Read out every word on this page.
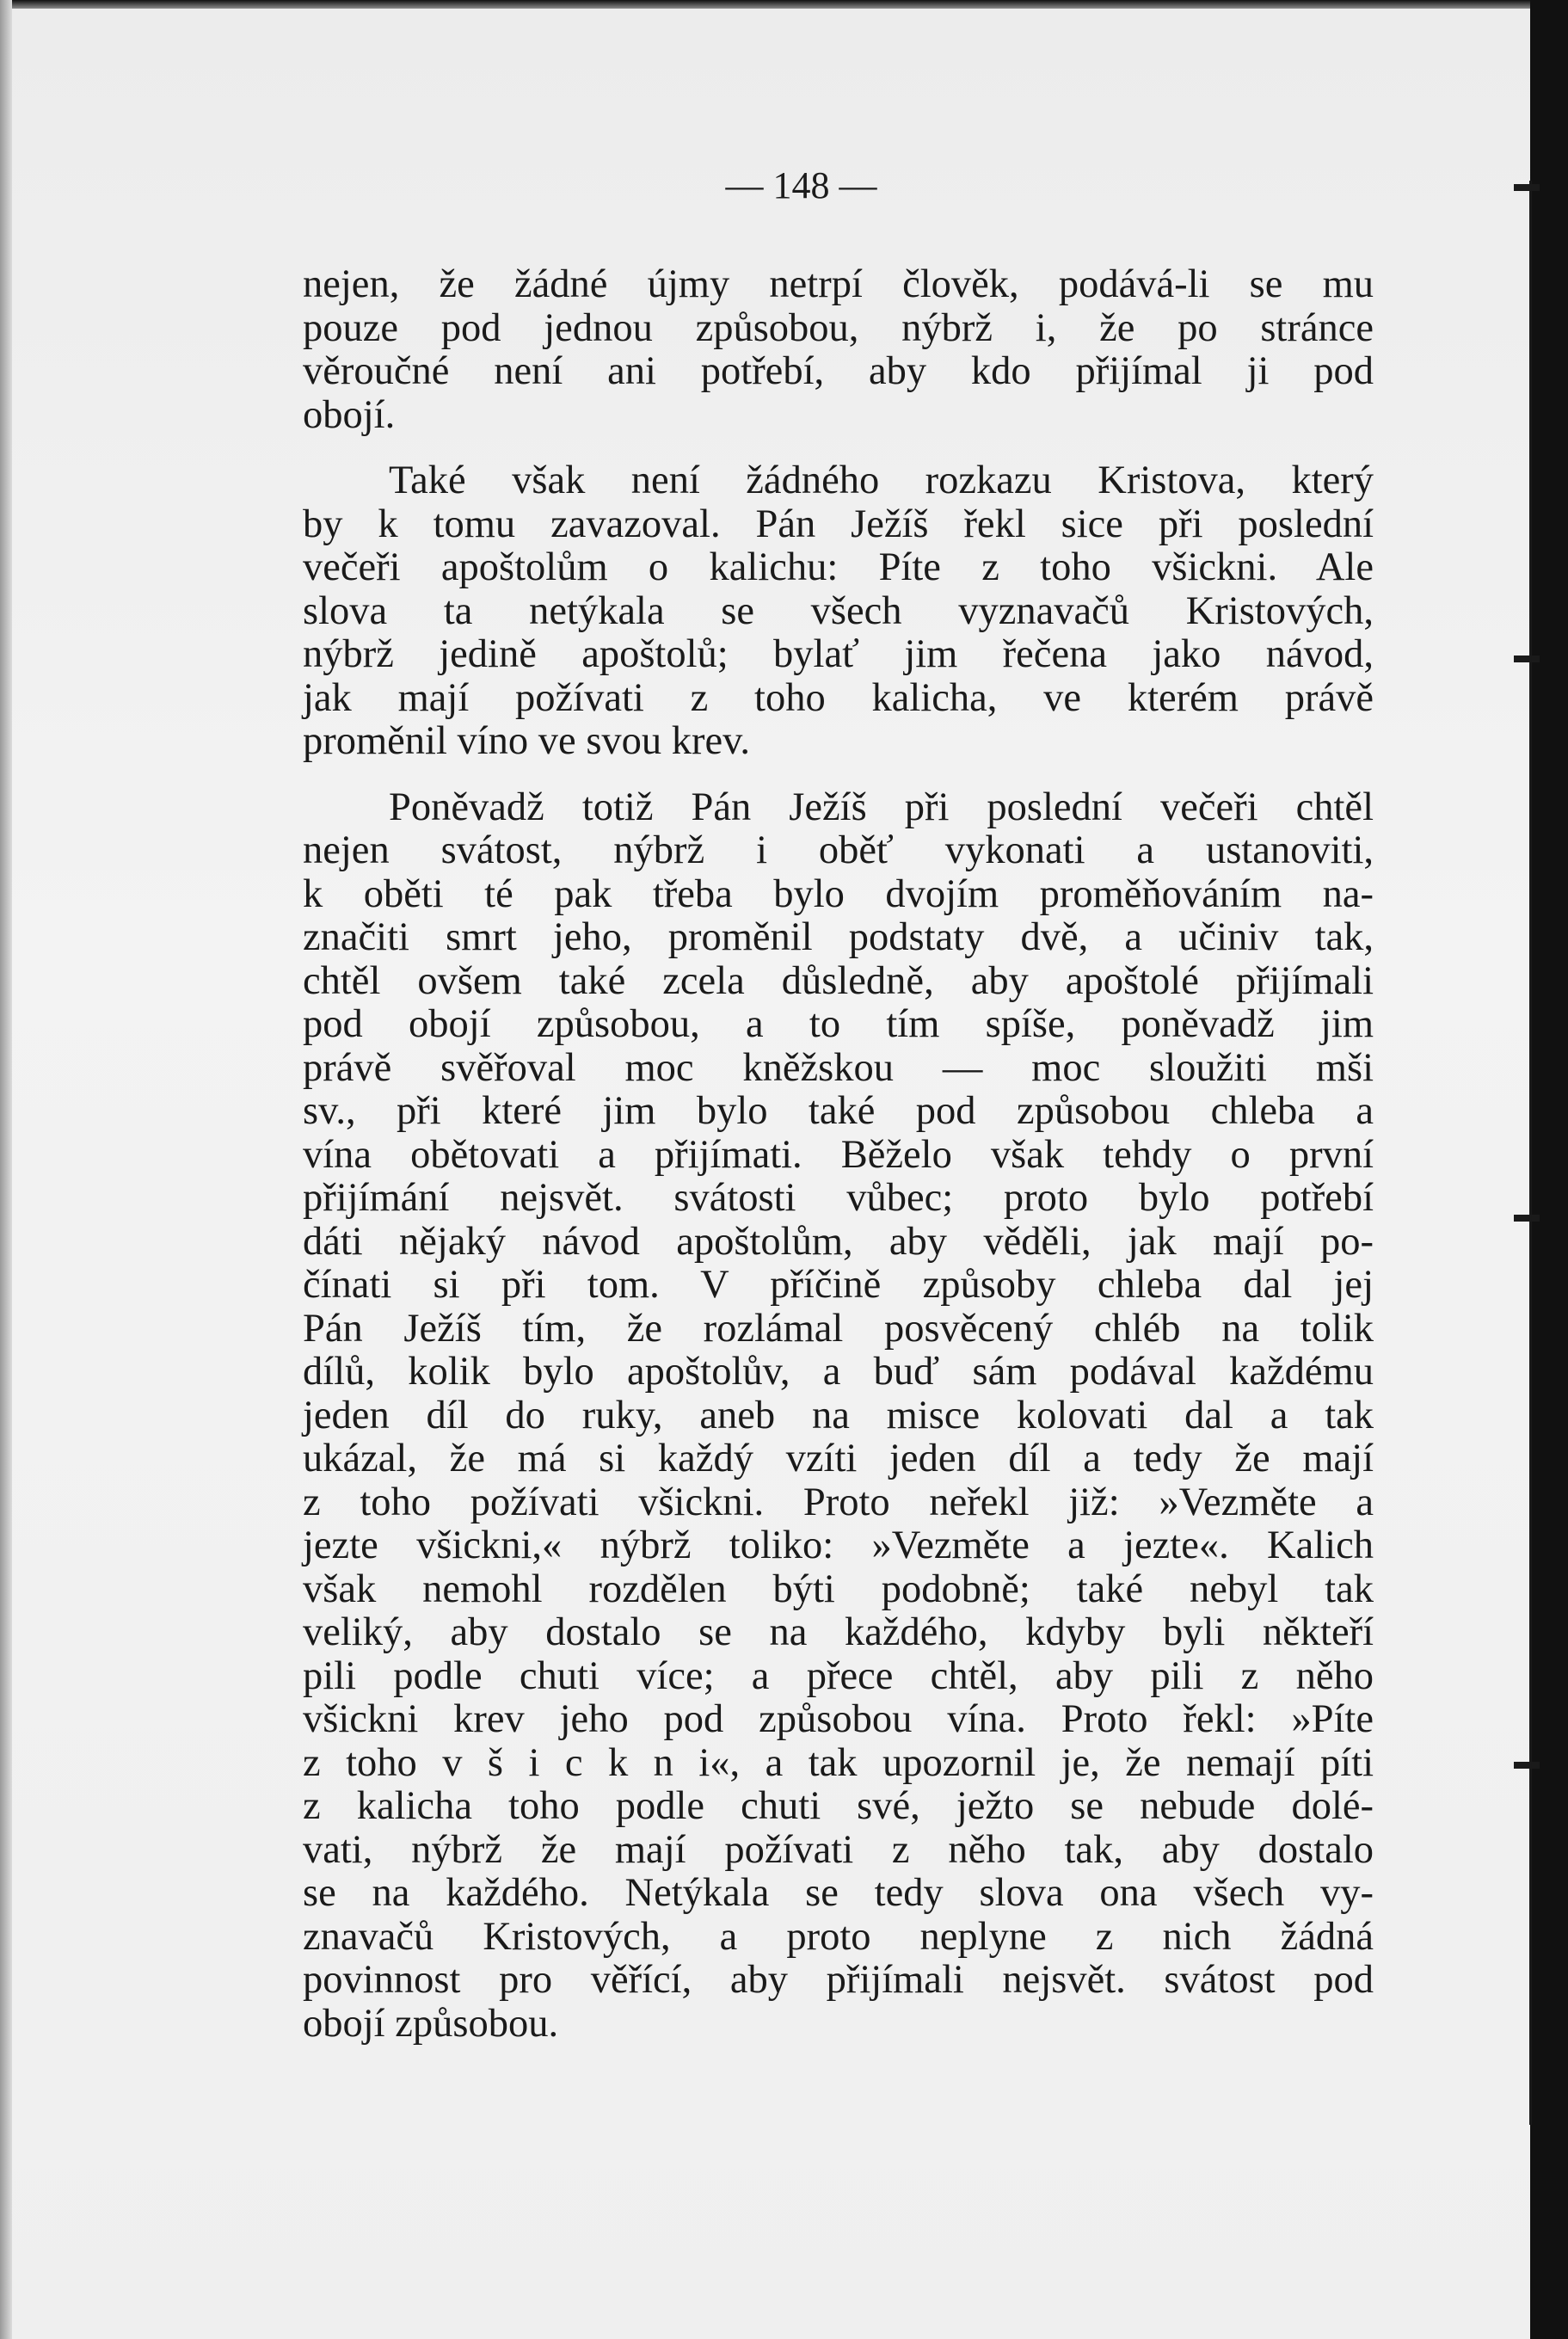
— 148 —
nejen, že žádné újmy netrpí člověk, podává-li se mu
pouze pod jednou způsobou, nýbrž i, že po stránce
věroučné není ani potřebí, aby kdo přijímal ji pod
obojí.
Také však není žádného rozkazu Kristova, který
by k tomu zavazoval. Pán Ježíš řekl sice při poslední
večeři apoštolům o kalichu: Píte z toho všickni. Ale
slova ta netýkala se všech vyznavačů Kristových,
nýbrž jedině apoštolů; bylať jim řečena jako návod,
jak mají požívati z toho kalicha, ve kterém právě
proměnil víno ve svou krev.
Poněvadž totiž Pán Ježíš při poslední večeři chtěl
nejen svátost, nýbrž i oběť vykonati a ustanoviti,
k oběti té pak třeba bylo dvojím proměňováním na-
značiti smrt jeho, proměnil podstaty dvě, a učiniv tak,
chtěl ovšem také zcela důsledně, aby apoštolé přijímali
pod obojí způsobou, a to tím spíše, poněvadž jim
právě svěřoval moc kněžskou — moc sloužiti mši
sv., při které jim bylo také pod způsobou chleba a
vína obětovati a přijímati. Běželo však tehdy o první
přijímání nejsvět. svátosti vůbec; proto bylo potřebí
dáti nějaký návod apoštolům, aby věděli, jak mají po-
čínati si při tom. V příčině způsoby chleba dal jej
Pán Ježíš tím, že rozlámal posvěcený chléb na tolik
dílů, kolik bylo apoštolův, a buď sám podával každému
jeden díl do ruky, aneb na misce kolovati dal a tak
ukázal, že má si každý vzíti jeden díl a tedy že mají
z toho požívati všickni. Proto neřekl již: »Vezměte a
jezte všickni,« nýbrž toliko: »Vezměte a jezte«. Kalich
však nemohl rozdělen býti podobně; také nebyl tak
veliký, aby dostalo se na každého, kdyby byli někteří
pili podle chuti více; a přece chtěl, aby pili z něho
všickni krev jeho pod způsobou vína. Proto řekl: »Píte
z toho v š i c k n i«, a tak upozornil je, že nemají píti
z kalicha toho podle chuti své, ježto se nebude dolé-
vati, nýbrž že mají požívati z něho tak, aby dostalo
se na každého. Netýkala se tedy slova ona všech vy-
znavačů Kristových, a proto neplyne z nich žádná
povinnost pro věřící, aby přijímali nejsvět. svátost pod
obojí způsobou.
